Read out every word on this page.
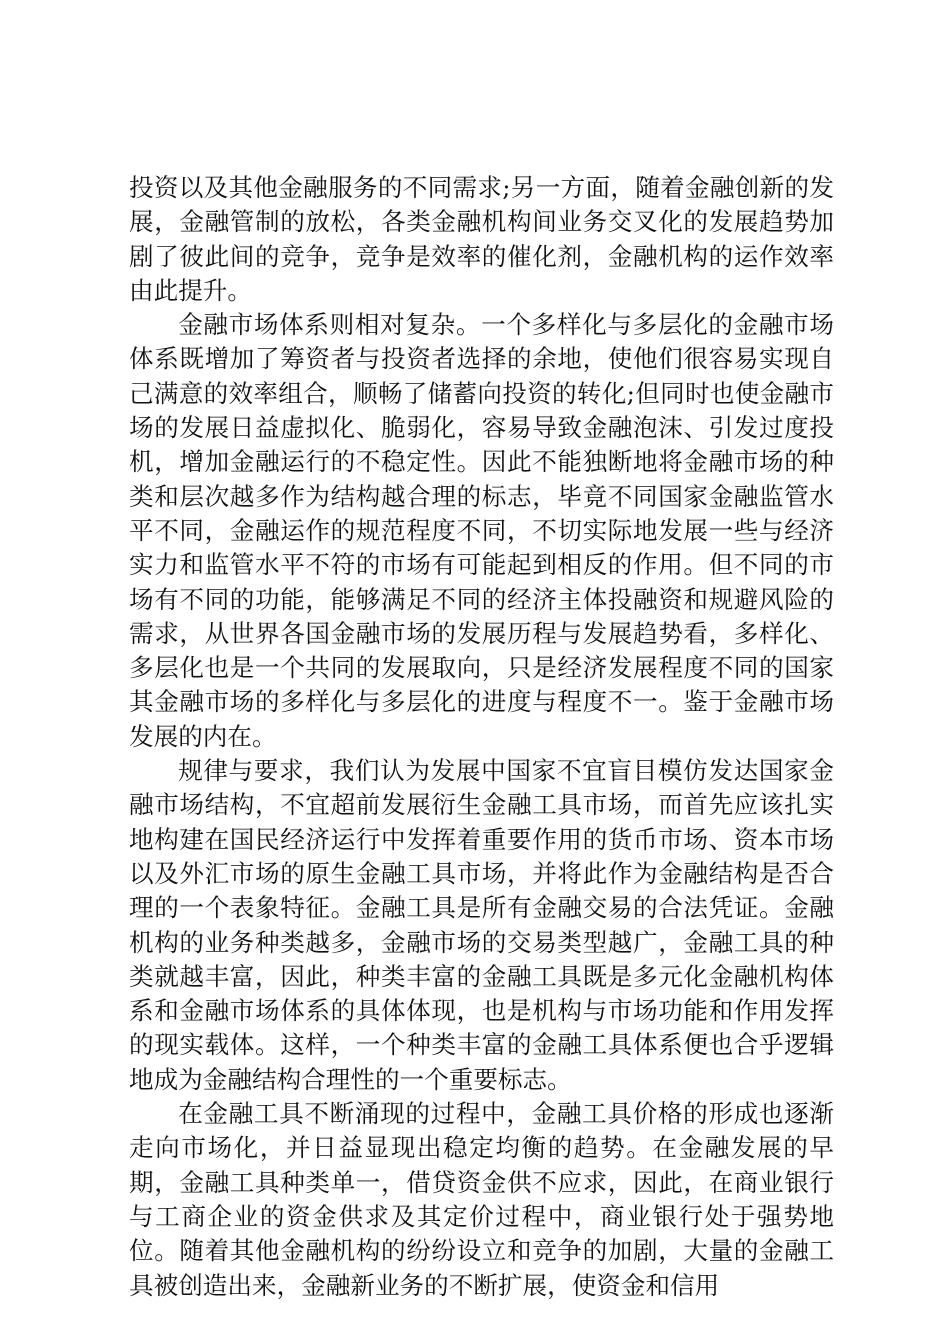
投资以及其他金融服务的不同需求;另一方面，随着金融创新的发展，金融管制的放松，各类金融机构间业务交叉化的发展趋势加剧了彼此间的竞争，竞争是效率的催化剂，金融机构的运作效率由此提升。

金融市场体系则相对复杂。一个多样化与多层化的金融市场体系既增加了筹资者与投资者选择的余地，使他们很容易实现自己满意的效率组合，顺畅了储蓄向投资的转化;但同时也使金融市场的发展日益虚拟化、脆弱化，容易导致金融泡沫、引发过度投机，增加金融运行的不稳定性。因此不能独断地将金融市场的种类和层次越多作为结构越合理的标志，毕竟不同国家金融监管水平不同，金融运作的规范程度不同，不切实际地发展一些与经济实力和监管水平不符的市场有可能起到相反的作用。但不同的市场有不同的功能，能够满足不同的经济主体投融资和规避风险的需求，从世界各国金融市场的发展历程与发展趋势看，多样化、多层化也是一个共同的发展取向，只是经济发展程度不同的国家其金融市场的多样化与多层化的进度与程度不一。鉴于金融市场发展的内在。

规律与要求，我们认为发展中国家不宜盲目模仿发达国家金融市场结构，不宜超前发展衍生金融工具市场，而首先应该扎实地构建在国民经济运行中发挥着重要作用的货币市场、资本市场以及外汇市场的原生金融工具市场，并将此作为金融结构是否合理的一个表象特征。金融工具是所有金融交易的合法凭证。金融机构的业务种类越多，金融市场的交易类型越广，金融工具的种类就越丰富，因此，种类丰富的金融工具既是多元化金融机构体系和金融市场体系的具体体现，也是机构与市场功能和作用发挥的现实载体。这样，一个种类丰富的金融工具体系便也合乎逻辑地成为金融结构合理性的一个重要标志。

在金融工具不断涌现的过程中，金融工具价格的形成也逐渐走向市场化，并日益显现出稳定均衡的趋势。在金融发展的早期，金融工具种类单一，借贷资金供不应求，因此，在商业银行与工商企业的资金供求及其定价过程中，商业银行处于强势地位。随着其他金融机构的纷纷设立和竞争的加剧，大量的金融工具被创造出来，金融新业务的不断扩展，使资金和信用
